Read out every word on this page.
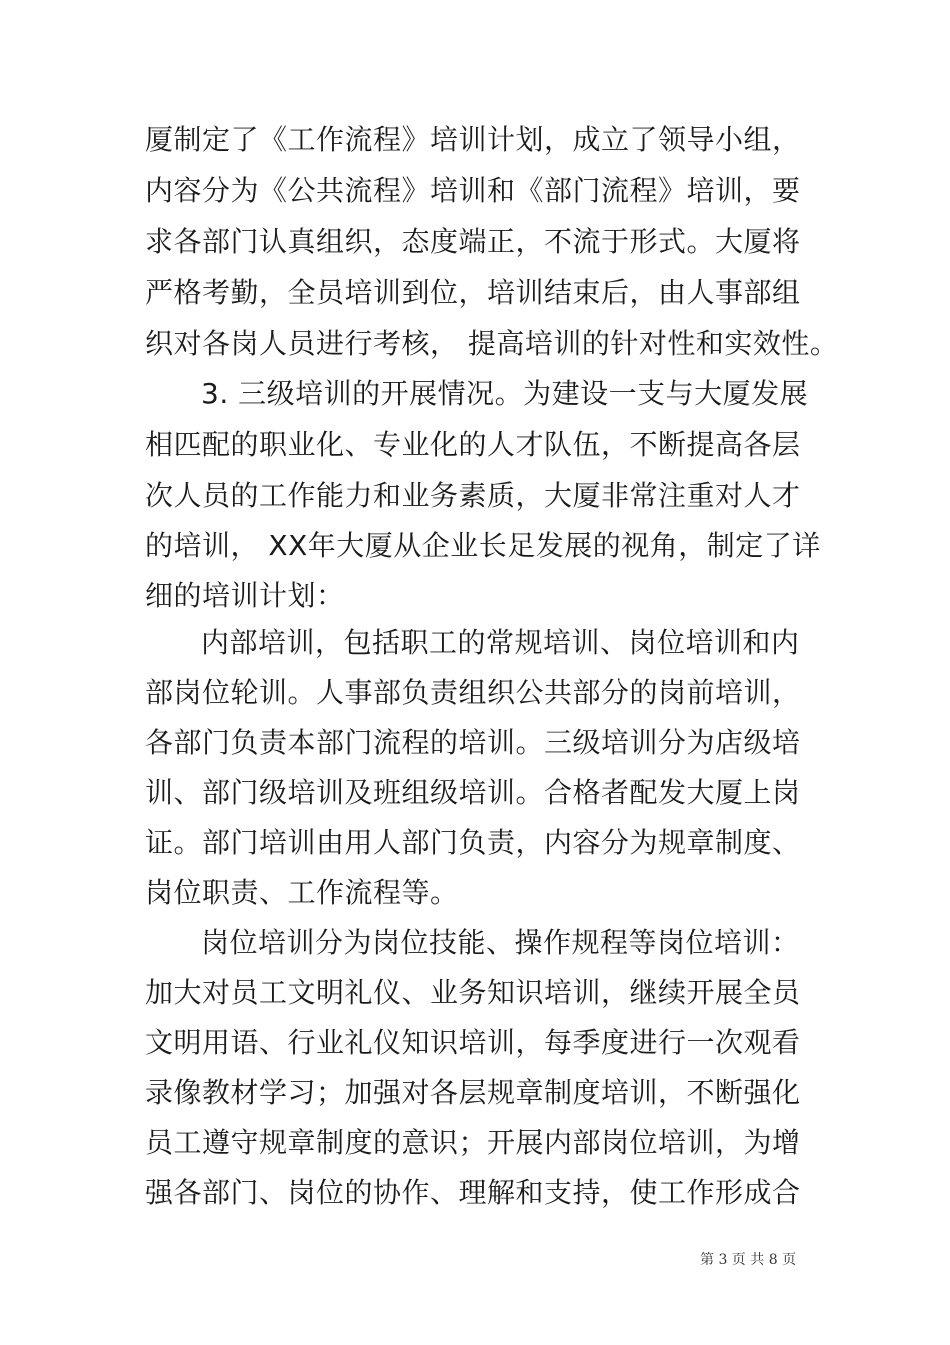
厦制定了《工作流程》培训计划，成立了领导小组，
内容分为《公共流程》培训和《部门流程》培训，要
求各部门认真组织，态度端正，不流于形式。大厦将
严格考勤，全员培训到位，培训结束后，由人事部组
织对各岗人员进行考核， 提高培训的针对性和实效性。
3. 三级培训的开展情况。为建设一支与大厦发展
相匹配的职业化、专业化的人才队伍，不断提高各层
次人员的工作能力和业务素质，大厦非常注重对人才
的培训， XX年大厦从企业长足发展的视角，制定了详
细的培训计划：
内部培训，包括职工的常规培训、岗位培训和内
部岗位轮训。人事部负责组织公共部分的岗前培训，
各部门负责本部门流程的培训。三级培训分为店级培
训、部门级培训及班组级培训。合格者配发大厦上岗
证。部门培训由用人部门负责，内容分为规章制度、
岗位职责、工作流程等。
岗位培训分为岗位技能、操作规程等岗位培训：
加大对员工文明礼仪、业务知识培训，继续开展全员
文明用语、行业礼仪知识培训，每季度进行一次观看
录像教材学习；加强对各层规章制度培训，不断强化
员工遵守规章制度的意识；开展内部岗位培训，为增
强各部门、岗位的协作、理解和支持，使工作形成合
第 3 页 共 8 页
